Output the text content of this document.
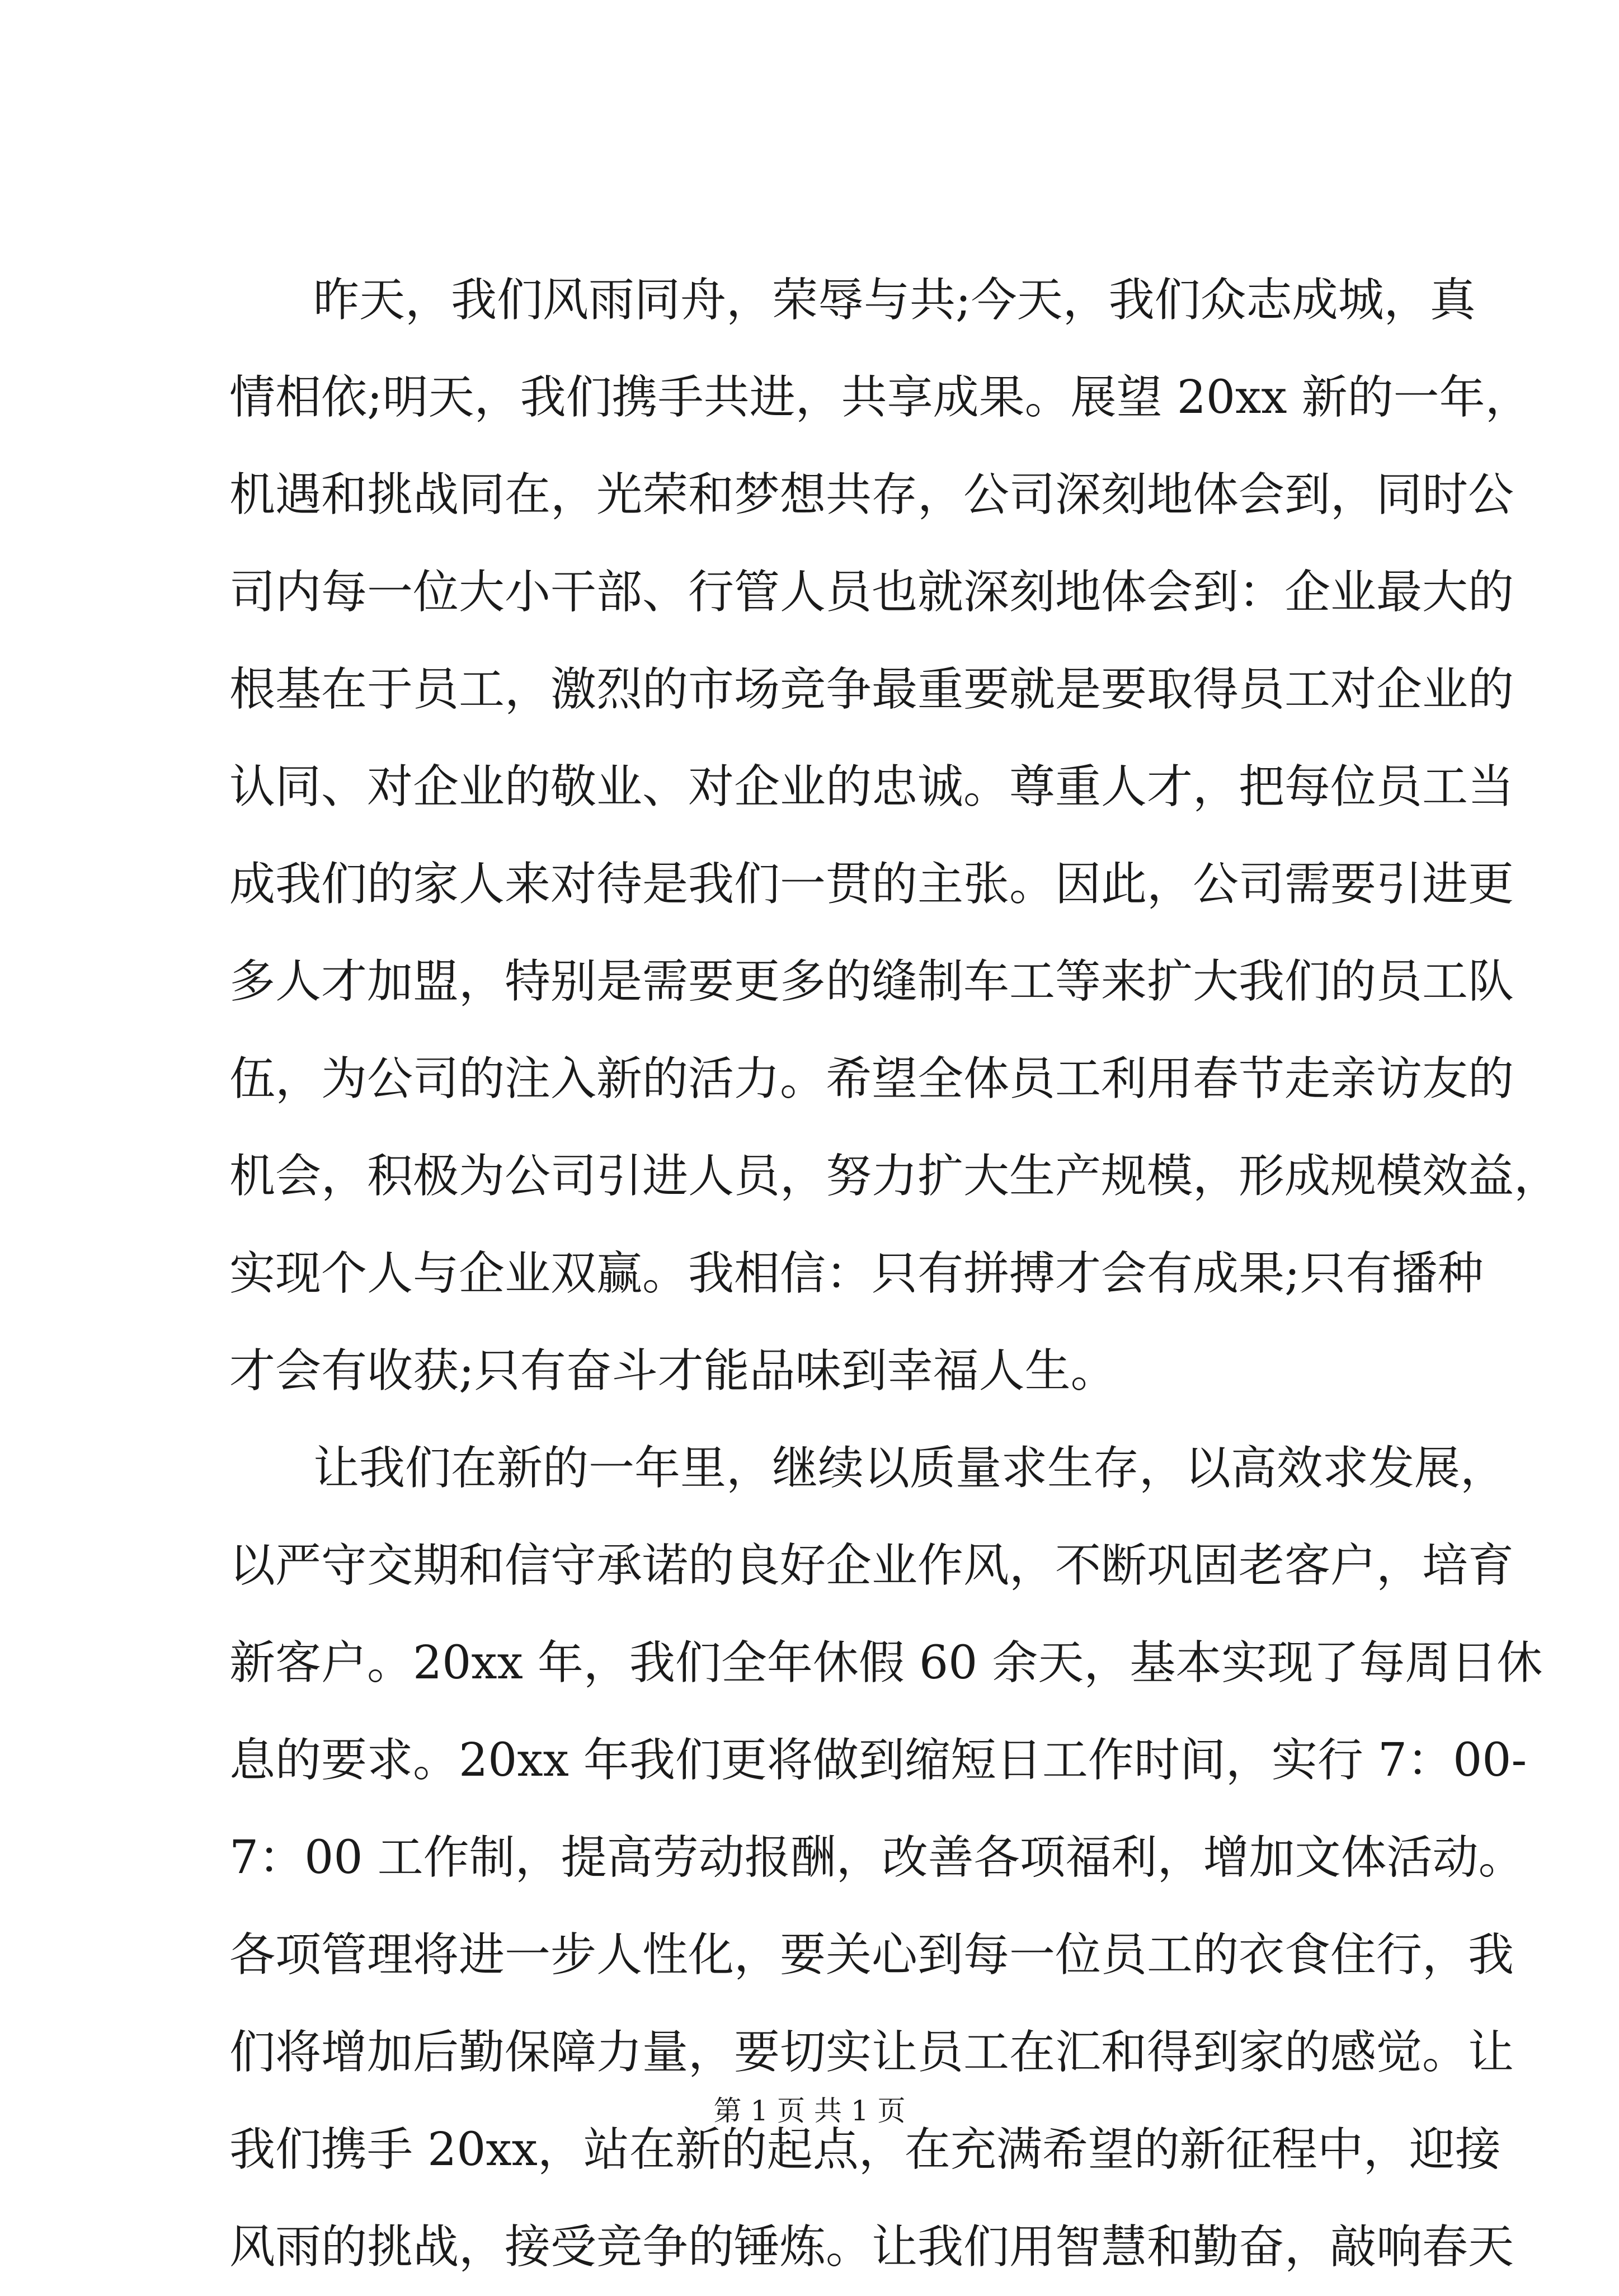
昨天，我们风雨同舟，荣辱与共;今天，我们众志成城，真
情相依;明天，我们携手共进，共享成果。展望 20xx 新的一年，
机遇和挑战同在，光荣和梦想共存，公司深刻地体会到，同时公
司内每一位大小干部、行管人员也就深刻地体会到：企业最大的
根基在于员工，激烈的市场竞争最重要就是要取得员工对企业的
认同、对企业的敬业、对企业的忠诚。尊重人才，把每位员工当
成我们的家人来对待是我们一贯的主张。因此，公司需要引进更
多人才加盟，特别是需要更多的缝制车工等来扩大我们的员工队
伍，为公司的注入新的活力。希望全体员工利用春节走亲访友的
机会，积极为公司引进人员，努力扩大生产规模，形成规模效益，
实现个人与企业双赢。我相信：只有拼搏才会有成果;只有播种
才会有收获;只有奋斗才能品味到幸福人生。
让我们在新的一年里，继续以质量求生存，以高效求发展，
以严守交期和信守承诺的良好企业作风，不断巩固老客户，培育
新客户。20xx 年，我们全年休假 60 余天，基本实现了每周日休
息的要求。20xx 年我们更将做到缩短日工作时间，实行 7：00-
7：00 工作制，提高劳动报酬，改善各项福利，增加文体活动。
各项管理将进一步人性化，要关心到每一位员工的衣食住行，我
们将增加后勤保障力量，要切实让员工在汇和得到家的感觉。让
我们携手 20xx，站在新的起点，在充满希望的新征程中，迎接
风雨的挑战，接受竞争的锤炼。让我们用智慧和勤奋，敲响春天
第 1 页 共 1 页
